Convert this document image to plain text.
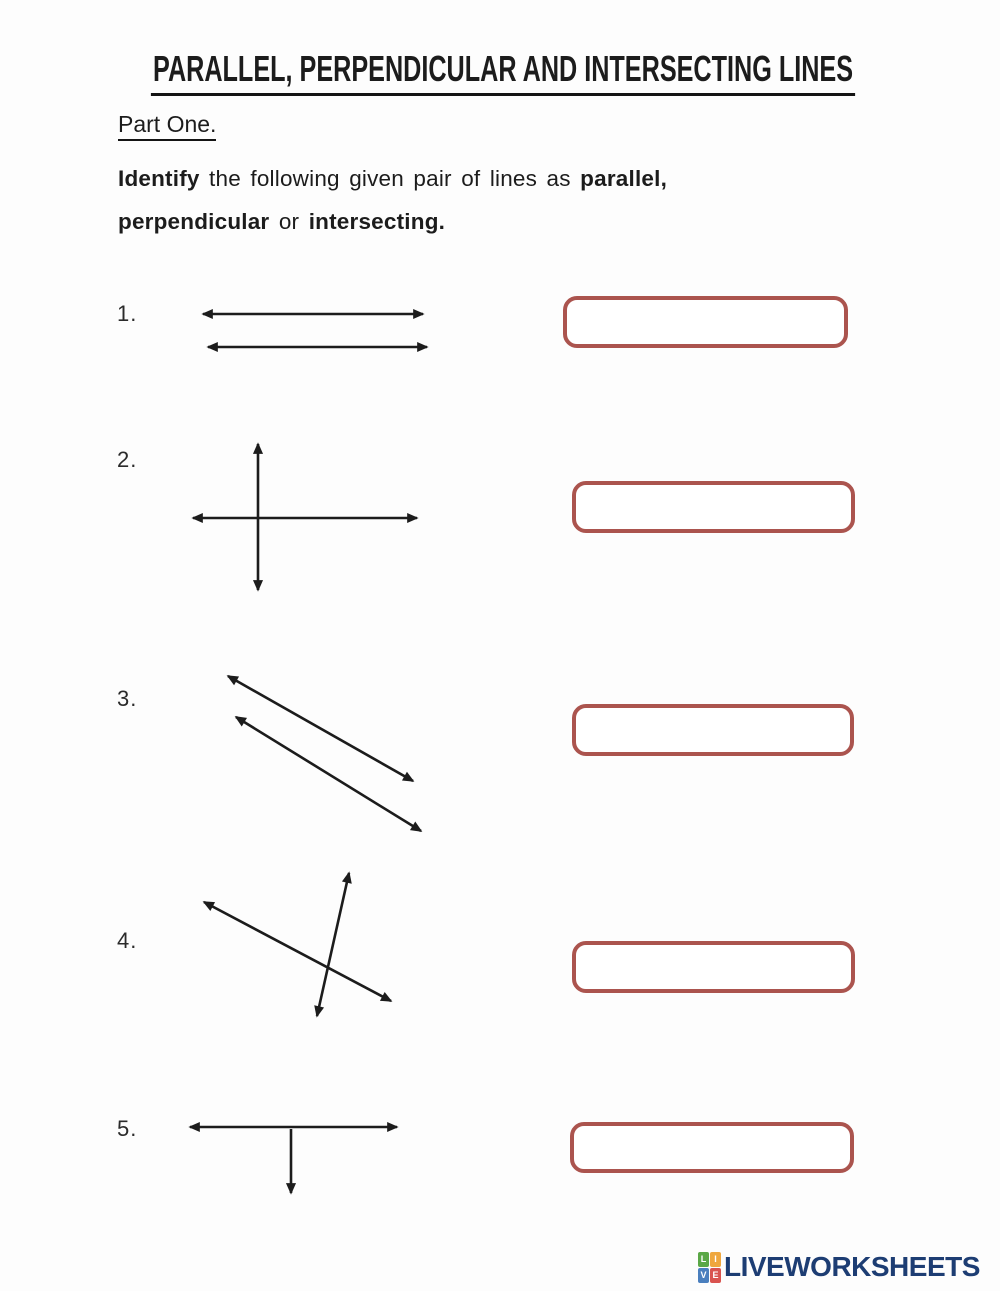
PARALLEL, PERPENDICULAR AND INTERSECTING LINES
Part One.
Identify the following given pair of lines as parallel,
perpendicular or intersecting.
1.
2.
3.
4.
5.
L I
V E LIVEWORKSHEETS
